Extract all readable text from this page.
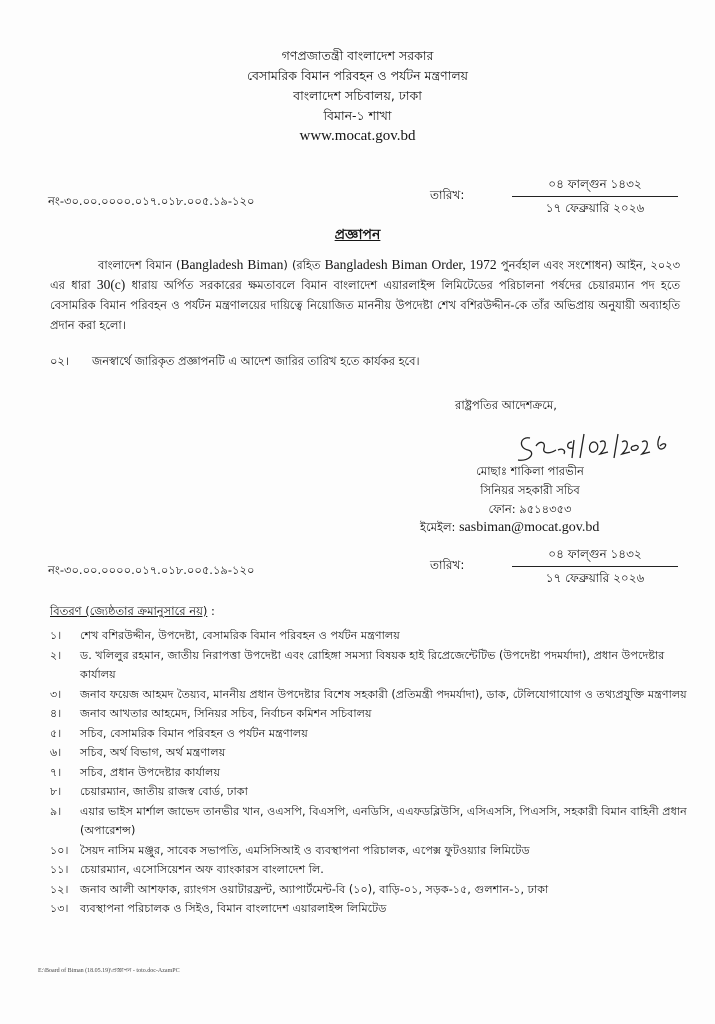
গণপ্রজাতন্ত্রী বাংলাদেশ সরকার
বেসামরিক বিমান পরিবহন ও পর্যটন মন্ত্রণালয়
বাংলাদেশ সচিবালয়, ঢাকা
বিমান-১ শাখা
www.mocat.gov.bd
নং-৩০.০০.০০০০.০১৭.০১৮.০০৫.১৯-১২০	তারিখ:
০৪ ফাল্গুন ১৪৩২
১৭ ফেব্রুয়ারি ২০২৬
প্রজ্ঞাপন
বাংলাদেশ বিমান (Bangladesh Biman) (রহিত Bangladesh Biman Order, 1972 পুনর্বহাল এবং সংশোধন) আইন, ২০২৩ এর ধারা 30(c) ধারায় অর্পিত সরকারের ক্ষমতাবলে বিমান বাংলাদেশ এয়ারলাইন্স লিমিটেডের পরিচালনা পর্ষদের চেয়ারম্যান পদ হতে বেসামরিক বিমান পরিবহন ও পর্যটন মন্ত্রণালয়ের দায়িত্বে নিয়োজিত মাননীয় উপদেষ্টা শেখ বশিরউদ্দীন-কে তাঁর অভিপ্রায় অনুযায়ী অব্যাহতি প্রদান করা হলো।
০২। জনস্বার্থে জারিকৃত প্রজ্ঞাপনটি এ আদেশ জারির তারিখ হতে কার্যকর হবে।
রাষ্ট্রপতির আদেশক্রমে,
মোছাঃ শাকিলা পারভীন
সিনিয়র সহকারী সচিব
ফোন: ৯৫১৪৩৫৩
ইমেইল: sasbiman@mocat.gov.bd
নং-৩০.০০.০০০০.০১৭.০১৮.০০৫.১৯-১২০	তারিখ:
০৪ ফাল্গুন ১৪৩২
১৭ ফেব্রুয়ারি ২০২৬
বিতরণ (জ্যেষ্ঠতার ক্রমানুসারে নয়) :
১।	শেখ বশিরউদ্দীন, উপদেষ্টা, বেসামরিক বিমান পরিবহন ও পর্যটন মন্ত্রণালয়
২।	ড. খলিলুর রহমান, জাতীয় নিরাপত্তা উপদেষ্টা এবং রোহিঙ্গা সমস্যা বিষয়ক হাই রিপ্রেজেন্টেটিভ (উপদেষ্টা পদমর্যাদা), প্রধান উপদেষ্টার কার্যালয়
৩।	জনাব ফয়েজ আহমদ তৈয়্যব, মাননীয় প্রধান উপদেষ্টার বিশেষ সহকারী (প্রতিমন্ত্রী পদমর্যাদা), ডাক, টেলিযোগাযোগ ও তথ্যপ্রযুক্তি মন্ত্রণালয়
৪।	জনাব আখতার আহমেদ, সিনিয়র সচিব, নির্বাচন কমিশন সচিবালয়
৫।	সচিব, বেসামরিক বিমান পরিবহন ও পর্যটন মন্ত্রণালয়
৬।	সচিব, অর্থ বিভাগ, অর্থ মন্ত্রণালয়
৭।	সচিব, প্রধান উপদেষ্টার কার্যালয়
৮।	চেয়ারম্যান, জাতীয় রাজস্ব বোর্ড, ঢাকা
৯।	এয়ার ভাইস মার্শাল জাভেদ তানভীর খান, ওএসপি, বিএসপি, এনডিসি, এএফডব্লিউসি, এসিএসসি, পিএসসি, সহকারী বিমান বাহিনী প্রধান (অপারেশন্স)
১০।	সৈয়দ নাসিম মঞ্জুর, সাবেক সভাপতি, এমসিসিআই ও ব্যবস্থাপনা পরিচালক, এপেক্স ফুটওয়্যার লিমিটেড
১১।	চেয়ারম্যান, এসোসিয়েশন অফ ব্যাংকারস বাংলাদেশ লি.
১২।	জনাব আলী আশফাক, র‍্যাংগস ওয়াটারফ্রন্ট, অ্যাপার্টমেন্ট-বি (১০), বাড়ি-০১, সড়ক-১৫, গুলশান-১, ঢাকা
১৩।	ব্যবস্থাপনা পরিচালক ও সিইও, বিমান বাংলাদেশ এয়ারলাইন্স লিমিটেড
E:\Board of Biman (18.05.19)\প্রজ্ঞাপন - toto.doc-AzamPC
